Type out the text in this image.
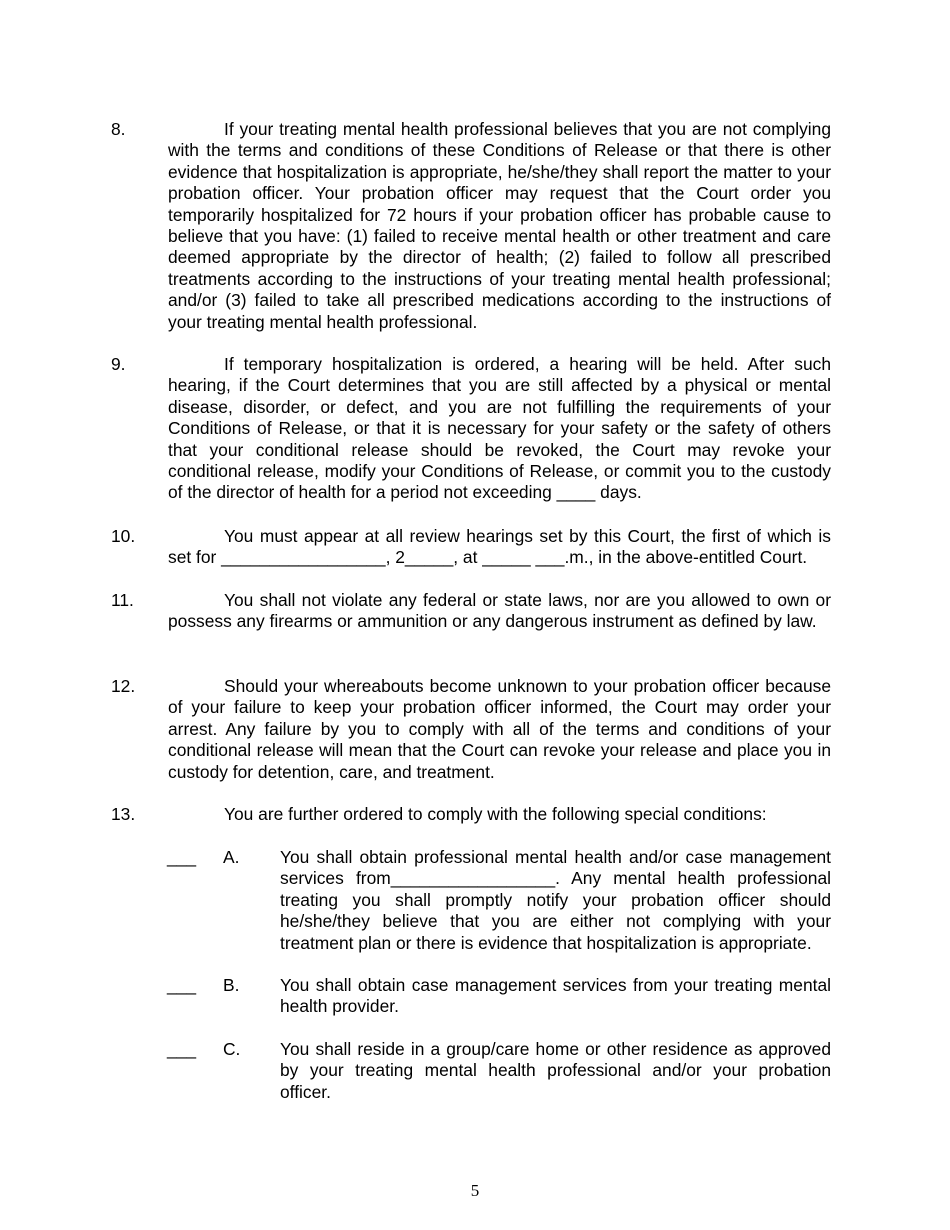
8.	If your treating mental health professional believes that you are not complying with the terms and conditions of these Conditions of Release or that there is other evidence that hospitalization is appropriate, he/she/they shall report the matter to your probation officer. Your probation officer may request that the Court order you temporarily hospitalized for 72 hours if your probation officer has probable cause to believe that you have: (1) failed to receive mental health or other treatment and care deemed appropriate by the director of health; (2) failed to follow all prescribed treatments according to the instructions of your treating mental health professional; and/or (3) failed to take all prescribed medications according to the instructions of your treating mental health professional.
9.	If temporary hospitalization is ordered, a hearing will be held. After such hearing, if the Court determines that you are still affected by a physical or mental disease, disorder, or defect, and you are not fulfilling the requirements of your Conditions of Release, or that it is necessary for your safety or the safety of others that your conditional release should be revoked, the Court may revoke your conditional release, modify your Conditions of Release, or commit you to the custody of the director of health for a period not exceeding ____ days.
10.	You must appear at all review hearings set by this Court, the first of which is set for _________________, 2_____, at _____ ___.m., in the above-entitled Court.
11.	You shall not violate any federal or state laws, nor are you allowed to own or possess any firearms or ammunition or any dangerous instrument as defined by law.
12.	Should your whereabouts become unknown to your probation officer because of your failure to keep your probation officer informed, the Court may order your arrest. Any failure by you to comply with all of the terms and conditions of your conditional release will mean that the Court can revoke your release and place you in custody for detention, care, and treatment.
13.	You are further ordered to comply with the following special conditions:
___ A. You shall obtain professional mental health and/or case management services from_________________. Any mental health professional treating you shall promptly notify your probation officer should he/she/they believe that you are either not complying with your treatment plan or there is evidence that hospitalization is appropriate.
___ B. You shall obtain case management services from your treating mental health provider.
___ C. You shall reside in a group/care home or other residence as approved by your treating mental health professional and/or your probation officer.
5
